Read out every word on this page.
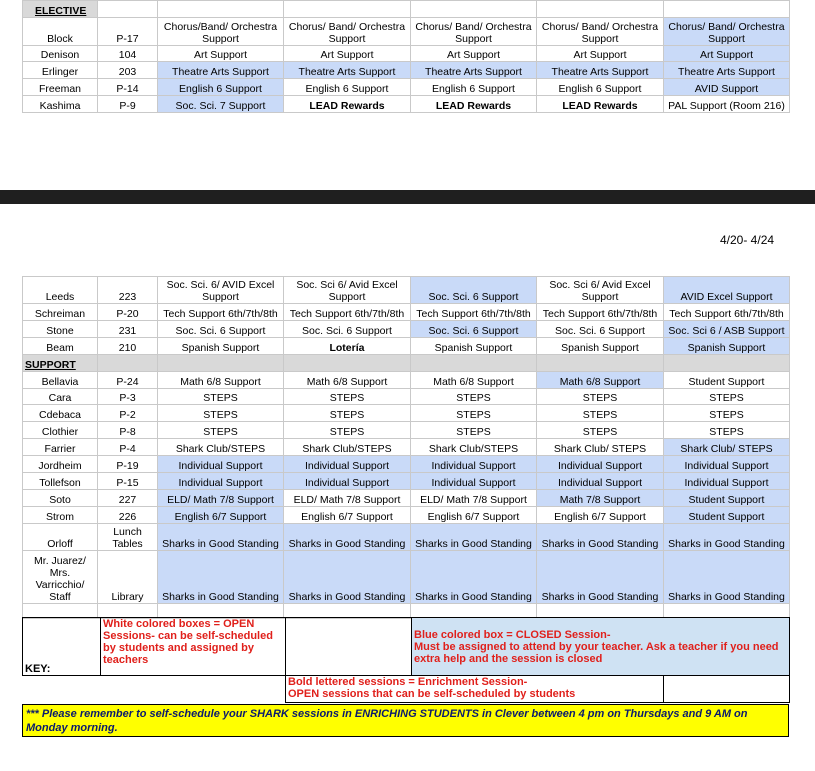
ELECTIVE						
Block	P-17	Chorus/Band/ Orchestra Support	Chorus/ Band/ Orchestra Support	Chorus/ Band/ Orchestra Support	Chorus/ Band/ Orchestra Support	Chorus/ Band/ Orchestra Support
Denison	104	Art Support	Art Support	Art Support	Art Support	Art Support
Erlinger	203	Theatre Arts Support	Theatre Arts Support	Theatre Arts Support	Theatre Arts Support	Theatre Arts Support
Freeman	P-14	English 6 Support	English 6 Support	English 6 Support	English 6 Support	AVID Support
Kashima	P-9	Soc. Sci. 7 Support	LEAD Rewards	LEAD Rewards	LEAD Rewards	PAL Support (Room 216)
4/20- 4/24
Leeds	223	Soc. Sci. 6/ AVID Excel Support	Soc. Sci 6/ Avid Excel Support	Soc. Sci. 6 Support	Soc. Sci 6/ Avid Excel Support	AVID Excel Support
Schreiman	P-20	Tech Support 6th/7th/8th	Tech Support 6th/7th/8th	Tech Support 6th/7th/8th	Tech Support 6th/7th/8th	Tech Support 6th/7th/8th
Stone	231	Soc. Sci. 6 Support	Soc. Sci. 6 Support	Soc. Sci. 6 Support	Soc. Sci. 6 Support	Soc. Sci 6 / ASB Support
Beam	210	Spanish Support	Lotería	Spanish Support	Spanish Support	Spanish Support
SUPPORT						
Bellavia	P-24	Math 6/8 Support	Math 6/8 Support	Math 6/8 Support	Math 6/8 Support	Student Support
Cara	P-3	STEPS	STEPS	STEPS	STEPS	STEPS
Cdebaca	P-2	STEPS	STEPS	STEPS	STEPS	STEPS
Clothier	P-8	STEPS	STEPS	STEPS	STEPS	STEPS
Farrier	P-4	Shark Club/STEPS	Shark Club/STEPS	Shark Club/STEPS	Shark Club/ STEPS	Shark Club/ STEPS
Jordheim	P-19	Individual Support	Individual Support	Individual Support	Individual Support	Individual Support
Tollefson	P-15	Individual Support	Individual Support	Individual Support	Individual Support	Individual Support
Soto	227	ELD/ Math 7/8 Support	ELD/ Math 7/8 Support	ELD/ Math 7/8 Support	Math 7/8 Support	Student Support
Strom	226	English 6/7 Support	English 6/7 Support	English 6/7 Support	English 6/7 Support	Student Support
Orloff	Lunch Tables	Sharks in Good Standing	Sharks in Good Standing	Sharks in Good Standing	Sharks in Good Standing	Sharks in Good Standing
Mr. Juarez/ Mrs. Varricchio/ Staff	Library	Sharks in Good Standing	Sharks in Good Standing	Sharks in Good Standing	Sharks in Good Standing	Sharks in Good Standing

KEY:	White colored boxes = OPEN Sessions- can be self-scheduled by students and assigned by teachers		Blue colored box = CLOSED Session-
Must be assigned to attend by your teacher. Ask a teacher if you need extra help and the session is closed	

		Bold lettered sessions = Enrichment Session-
OPEN sessions that can be self-scheduled by students		

*** Please remember to self-schedule your SHARK sessions in ENRICHING STUDENTS in Clever between 4 pm on Thursdays and 9 AM on Monday morning.
